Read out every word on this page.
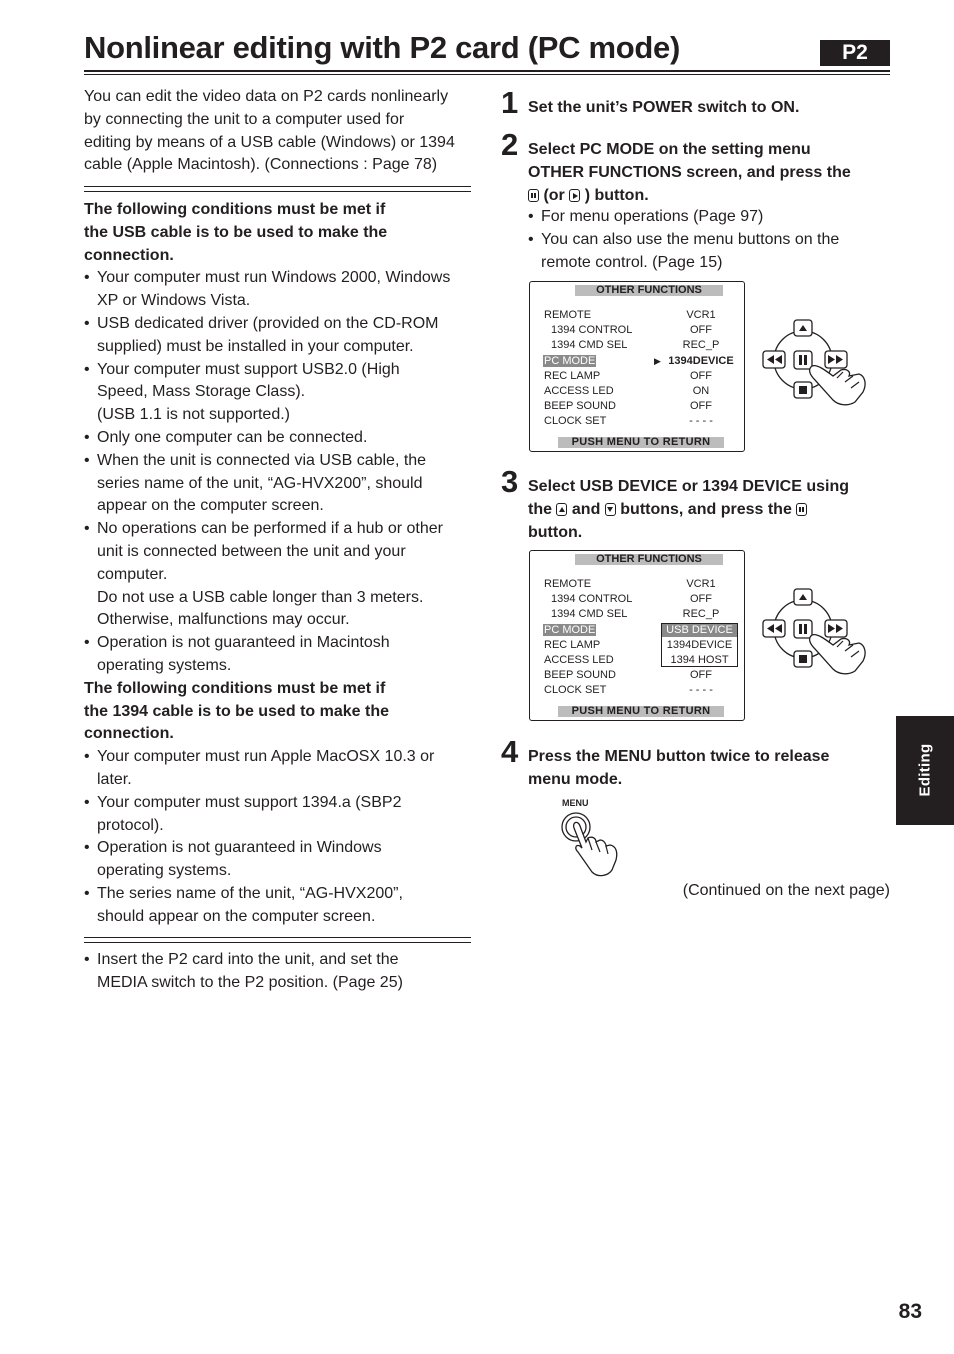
Nonlinear editing with P2 card (PC mode)	P2
You can edit the video data on P2 cards nonlinearly
by connecting the unit to a computer used for
editing by means of a USB cable (Windows) or 1394
cable (Apple Macintosh). (Connections : Page 78)
The following conditions must be met if
the USB cable is to be used to make the
connection.
• Your computer must run Windows 2000, Windows
XP or Windows Vista.
• USB dedicated driver (provided on the CD-ROM
supplied) must be installed in your computer.
• Your computer must support USB2.0 (High
Speed, Mass Storage Class).
(USB 1.1 is not supported.)
• Only one computer can be connected.
• When the unit is connected via USB cable, the
series name of the unit, “AG-HVX200”, should
appear on the computer screen.
• No operations can be performed if a hub or other
unit is connected between the unit and your
computer.
Do not use a USB cable longer than 3 meters.
Otherwise, malfunctions may occur.
• Operation is not guaranteed in Macintosh
operating systems.
The following conditions must be met if
the 1394 cable is to be used to make the
connection.
• Your computer must run Apple MacOSX 10.3 or
later.
• Your computer must support 1394.a (SBP2
protocol).
• Operation is not guaranteed in Windows
operating systems.
• The series name of the unit, “AG-HVX200”,
should appear on the computer screen.
• Insert the P2 card into the unit, and set the
MEDIA switch to the P2 position. (Page 25)
1 Set the unit’s POWER switch to ON.
2 Select PC MODE on the setting menu
OTHER FUNCTIONS screen, and press the
(or ) button.
• For menu operations (Page 97)
• You can also use the menu buttons on the
remote control. (Page 15)
OTHER FUNCTIONS
REMOTE
1394 CONTROL
1394 CMD SEL
PC MODE
REC LAMP
ACCESS LED
BEEP SOUND
CLOCK SET
VCR1
OFF
REC_P
▶ 1394DEVICE
OFF
ON
OFF
- - - -
PUSH MENU TO RETURN
3 Select USB DEVICE or 1394 DEVICE using
the and buttons, and press the
button.
OTHER FUNCTIONS
REMOTE
1394 CONTROL
1394 CMD SEL
PC MODE
REC LAMP
ACCESS LED
BEEP SOUND
CLOCK SET
VCR1
OFF
REC_P
USB DEVICE
1394DEVICE
1394 HOST
OFF
- - - -
PUSH MENU TO RETURN
4 Press the MENU button twice to release
menu mode.
MENU
(Continued on the next page)
Editing
83
